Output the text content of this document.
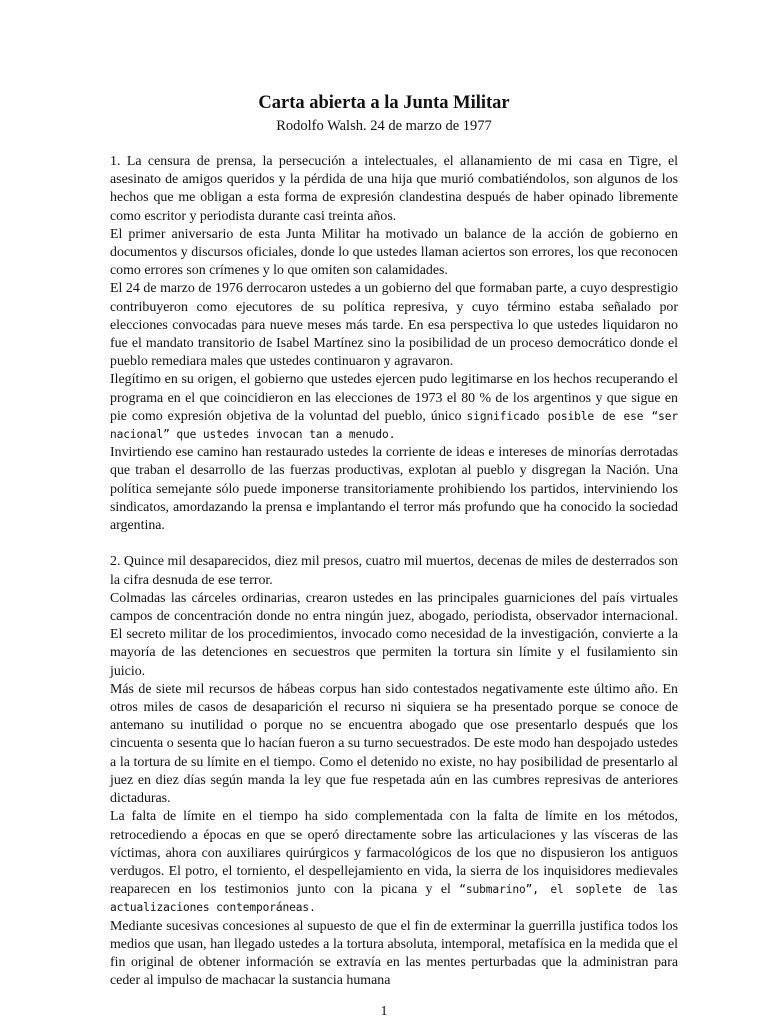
Carta abierta a la Junta Militar
Rodolfo Walsh. 24 de marzo de 1977

1. La censura de prensa, la persecución a intelectuales, el allanamiento de mi casa en Tigre, el asesinato de amigos queridos y la pérdida de una hija que murió combatiéndolos, son algunos de los hechos que me obligan a esta forma de expresión clandestina después de haber opinado libremente como escritor y periodista durante casi treinta años.

El primer aniversario de esta Junta Militar ha motivado un balance de la acción de gobierno en documentos y discursos oficiales, donde lo que ustedes llaman aciertos son errores, los que reconocen como errores son crímenes y lo que omiten son calamidades.

El 24 de marzo de 1976 derrocaron ustedes a un gobierno del que formaban parte, a cuyo desprestigio contribuyeron como ejecutores de su política represiva, y cuyo término estaba señalado por elecciones convocadas para nueve meses más tarde. En esa perspectiva lo que ustedes liquidaron no fue el mandato transitorio de Isabel Martínez sino la posibilidad de un proceso democrático donde el pueblo remediara males que ustedes continuaron y agravaron.

Ilegítimo en su origen, el gobierno que ustedes ejercen pudo legitimarse en los hechos recuperando el programa en el que coincidieron en las elecciones de 1973 el 80 % de los argentinos y que sigue en pie como expresión objetiva de la voluntad del pueblo, único significado posible de ese “ser nacional” que ustedes invocan tan a menudo.

Invirtiendo ese camino han restaurado ustedes la corriente de ideas e intereses de minorías derrotadas que traban el desarrollo de las fuerzas productivas, explotan al pueblo y disgregan la Nación. Una política semejante sólo puede imponerse transitoriamente prohibiendo los partidos, interviniendo los sindicatos, amordazando la prensa e implantando el terror más profundo que ha conocido la sociedad argentina.

2. Quince mil desaparecidos, diez mil presos, cuatro mil muertos, decenas de miles de desterrados son la cifra desnuda de ese terror.

Colmadas las cárceles ordinarias, crearon ustedes en las principales guarniciones del país virtuales campos de concentración donde no entra ningún juez, abogado, periodista, observador internacional. El secreto militar de los procedimientos, invocado como necesidad de la investigación, convierte a la mayoría de las detenciones en secuestros que permiten la tortura sin límite y el fusilamiento sin juicio.

Más de siete mil recursos de hábeas corpus han sido contestados negativamente este último año. En otros miles de casos de desaparición el recurso ni siquiera se ha presentado porque se conoce de antemano su inutilidad o porque no se encuentra abogado que ose presentarlo después que los cincuenta o sesenta que lo hacían fueron a su turno secuestrados. De este modo han despojado ustedes a la tortura de su límite en el tiempo. Como el detenido no existe, no hay posibilidad de presentarlo al juez en diez días según manda la ley que fue respetada aún en las cumbres represivas de anteriores dictaduras.

La falta de límite en el tiempo ha sido complementada con la falta de límite en los métodos, retrocediendo a épocas en que se operó directamente sobre las articulaciones y las vísceras de las víctimas, ahora con auxiliares quirúrgicos y farmacológicos de los que no dispusieron los antiguos verdugos. El potro, el torniento, el despellejamiento en vida, la sierra de los inquisidores medievales reaparecen en los testimonios junto con la picana y el “submarino”, el soplete de las actualizaciones contemporáneas.

Mediante sucesivas concesiones al supuesto de que el fin de exterminar la guerrilla justifica todos los medios que usan, han llegado ustedes a la tortura absoluta, intemporal, metafísica en la medida que el fin original de obtener información se extravía en las mentes perturbadas que la administran para ceder al impulso de machacar la sustancia humana

1
